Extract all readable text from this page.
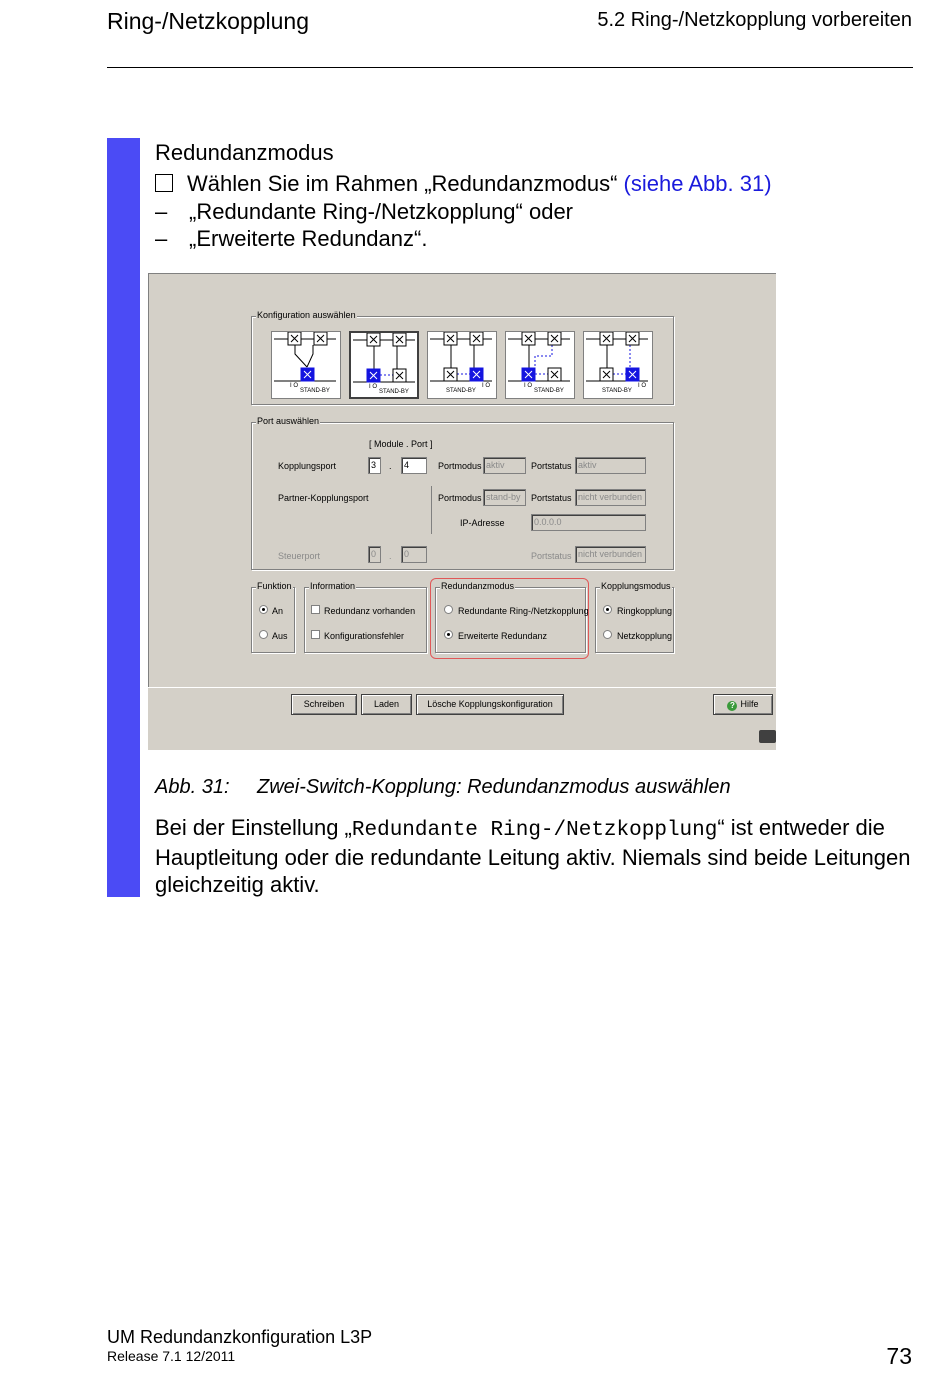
Ring-/Netzkopplung	5.2 Ring-/Netzkopplung vorbereiten
Redundanzmodus
Wählen Sie im Rahmen „Redundanzmodus“ (siehe Abb. 31)
– „Redundante Ring-/Netzkopplung“ oder
– „Erweiterte Redundanz“.
Konfiguration auswählen
Port auswählen
[ Module . Port ]
Kopplungsport	3	.	4	Portmodus aktiv	Portstatus aktiv
Partner-Kopplungsport	Portmodus stand-by	Portstatus nicht verbunden
IP-Adresse	0.0.0.0
Steuerport	0	.	0	Portstatus nicht verbunden
Funktion
An
Aus
Information
Redundanz vorhanden
Konfigurationsfehler
Redundanzmodus
Redundante Ring-/Netzkopplung
Erweiterte Redundanz
Kopplungsmodus
Ringkopplung
Netzkopplung
I O
STAND-BY
I O
STAND-BY	STAND-BY
I O	I O
STAND-BY	STAND-BY
I O
Schreiben	Laden	Lösche Kopplungskonfiguration	? Hilfe
Abb. 31: Zwei-Switch-Kopplung: Redundanzmodus auswählen
Bei der Einstellung „Redundante Ring-/Netzkopplung“ ist entweder die Hauptleitung oder die redundante Leitung aktiv. Niemals sind beide Leitungen gleichzeitig aktiv.
UM Redundanzkonfiguration L3P
Release 7.1 12/2011	73
